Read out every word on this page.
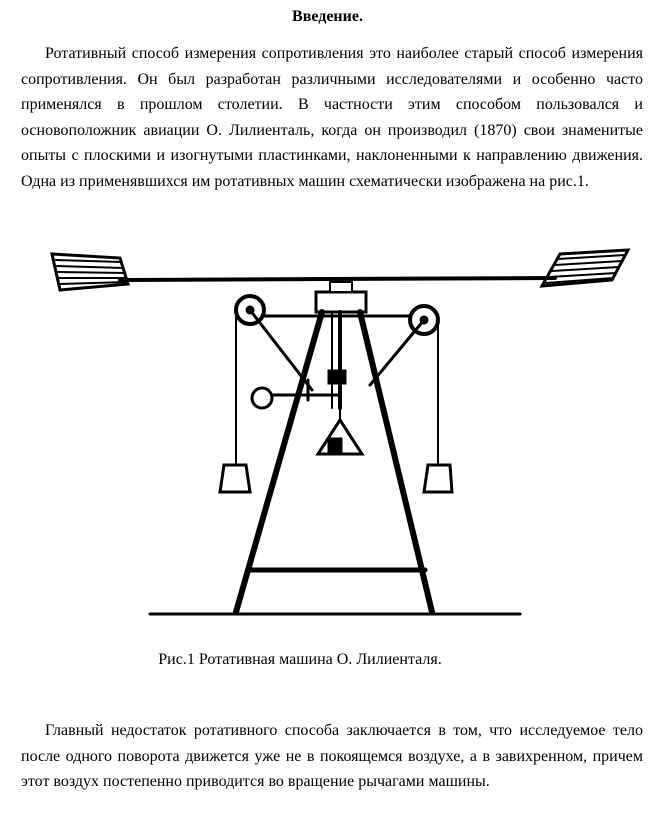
Введение.

Ротативный способ измерения сопротивления это наиболее старый способ измерения сопротивления. Он был разработан различными исследователями и особенно часто применялся в прошлом столетии. В частности этим способом пользовался и основоположник авиации О. Лилиенталь, когда он производил (1870) свои знаменитые опыты с плоскими и изогнутыми пластинками, наклоненными к направлению движения. Одна из применявшихся им ротативных машин схематически изображена на рис.1.

Рис.1 Ротативная машина О. Лилиенталя.

Главный недостаток ротативного способа заключается в том, что исследуемое тело после одного поворота движется уже не в покоящемся воздухе, а в завихренном, причем этот воздух постепенно приводится во вращение рычагами машины.
